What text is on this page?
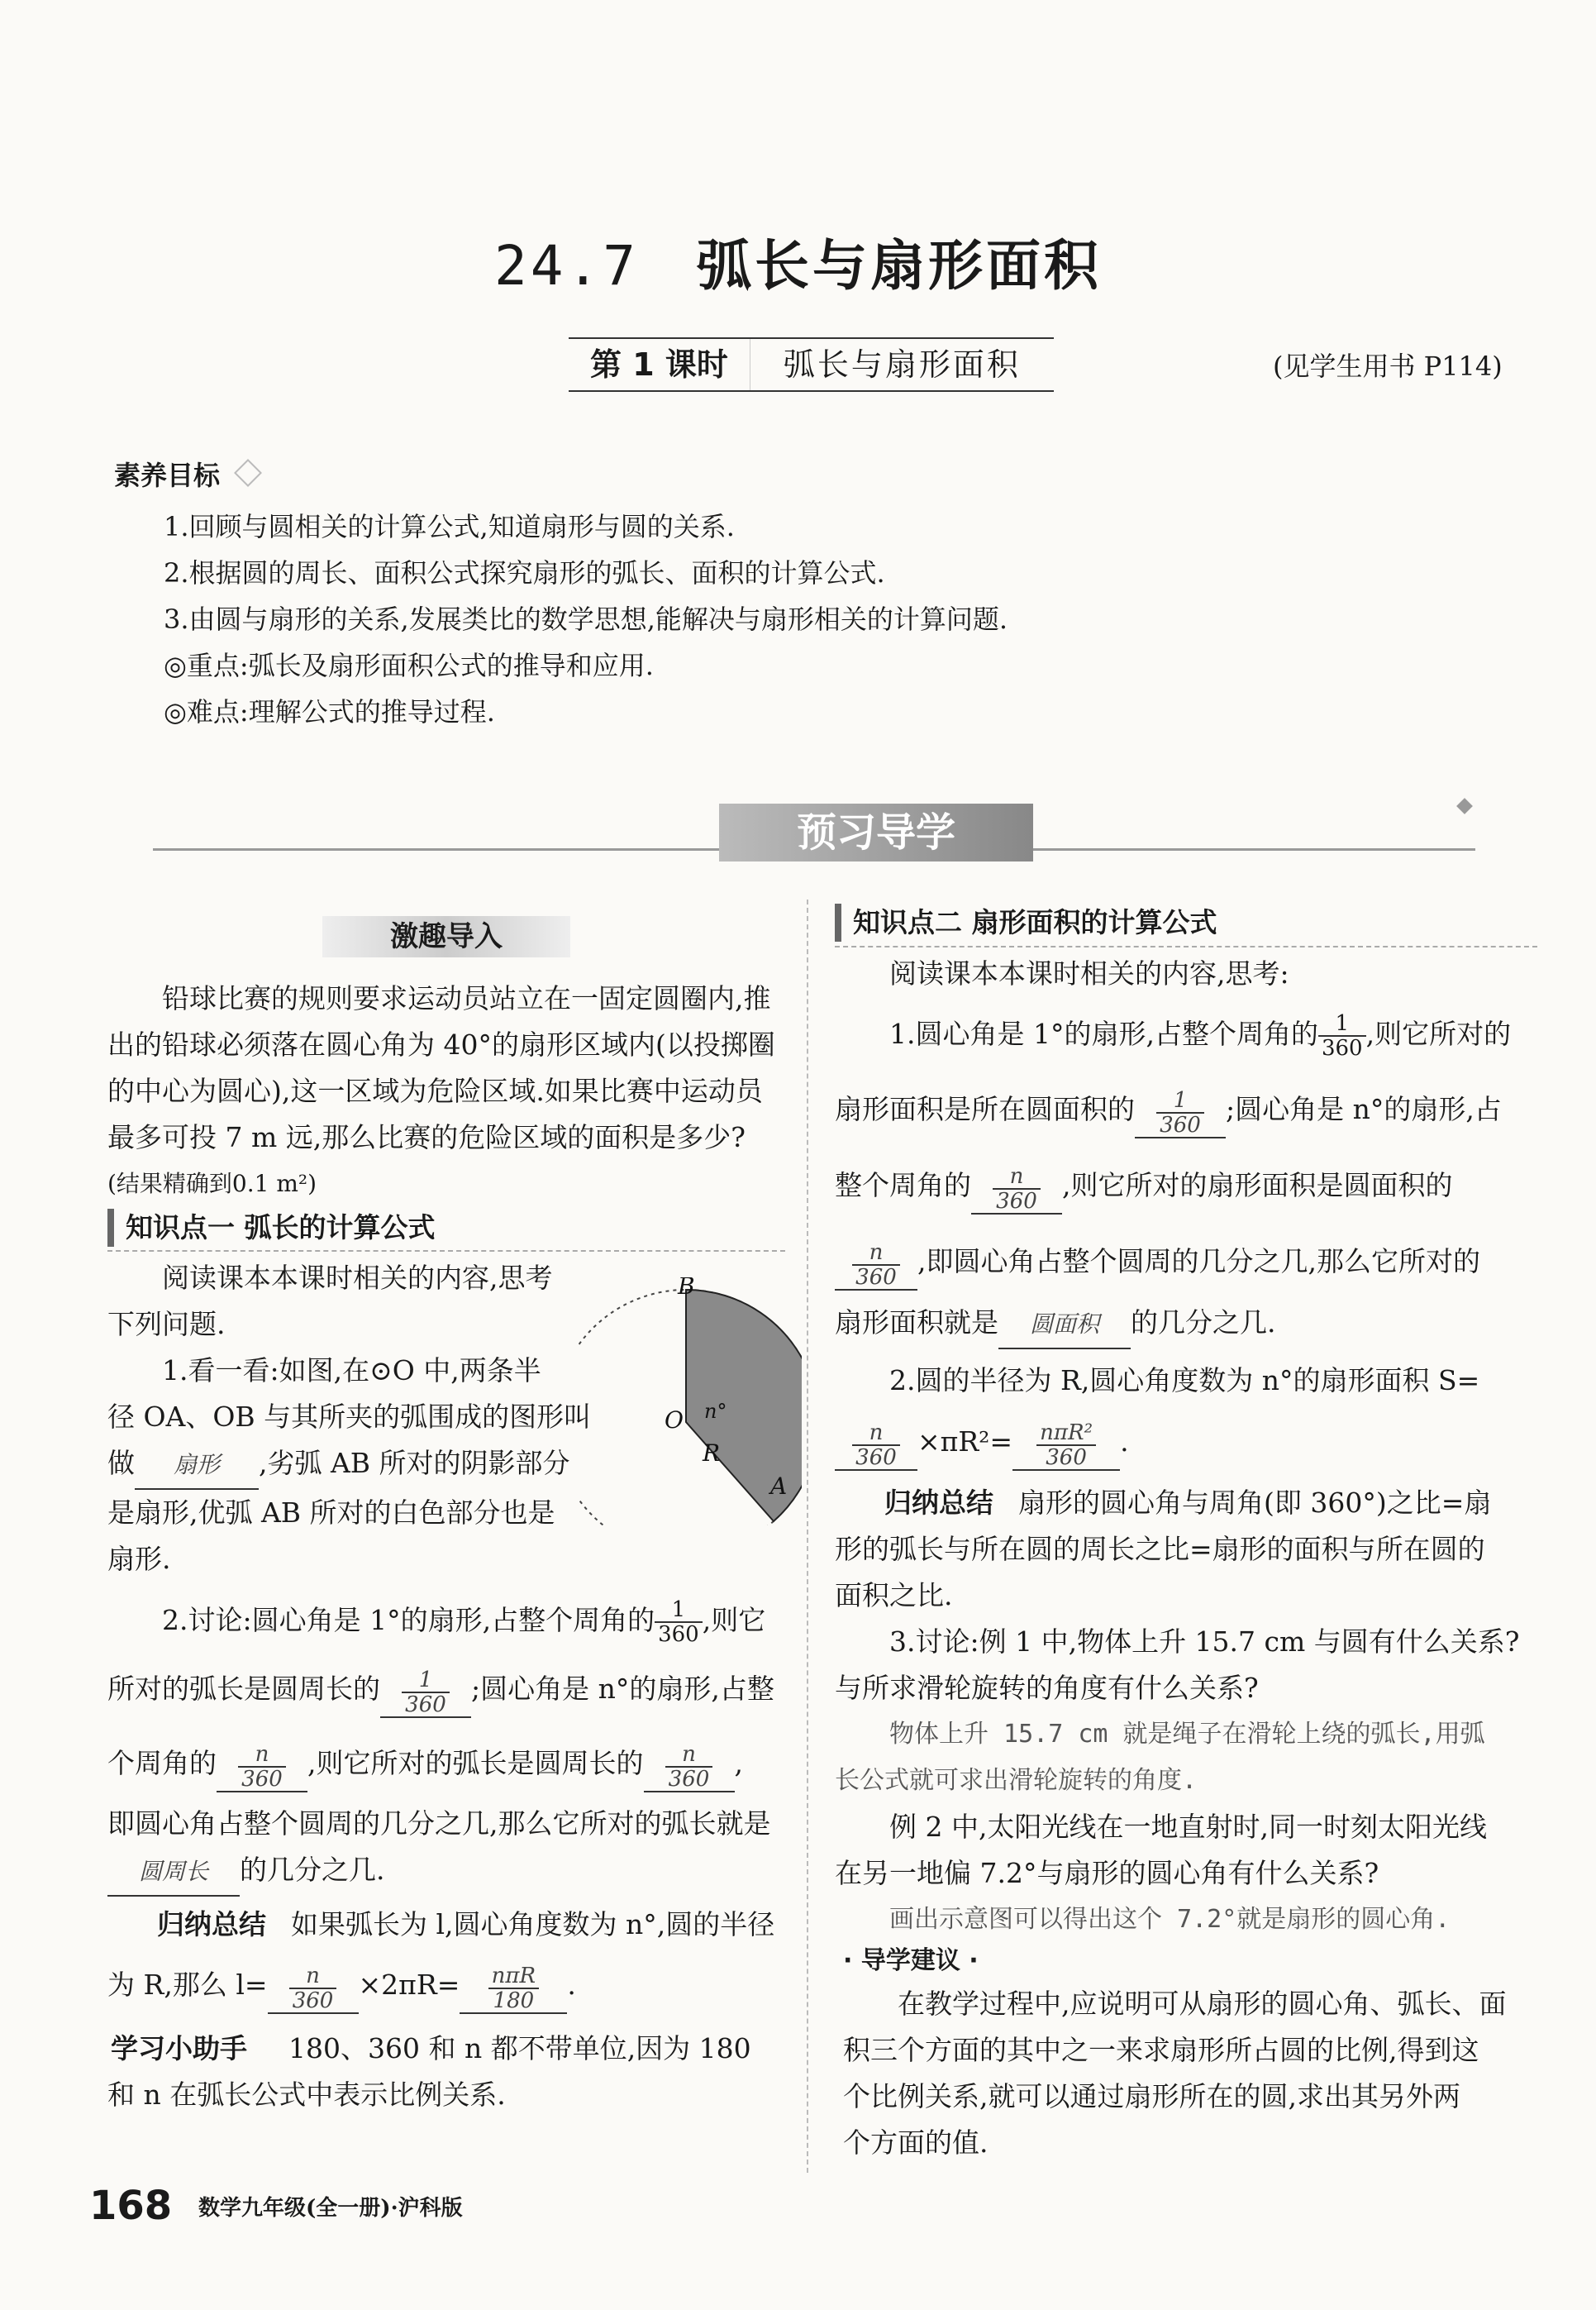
24.7 弧长与扇形面积
第 1 课时	弧长与扇形面积	(见学生用书 P114)
素养目标
1.回顾与圆相关的计算公式,知道扇形与圆的关系.
2.根据圆的周长、面积公式探究扇形的弧长、面积的计算公式.
3.由圆与扇形的关系,发展类比的数学思想,能解决与扇形相关的计算问题.
◎重点:弧长及扇形面积公式的推导和应用.
◎难点:理解公式的推导过程.
预习导学
激趣导入
铅球比赛的规则要求运动员站立在一固定圆圈内,推
出的铅球必须落在圆心角为 40°的扇形区域内(以投掷圈
的中心为圆心),这一区域为危险区域.如果比赛中运动员
最多可投 7 m 远,那么比赛的危险区域的面积是多少?
(结果精确到0.1 m²)
知识点一 弧长的计算公式
阅读课本本课时相关的内容,思考
下列问题.
1.看一看:如图,在⊙O 中,两条半
径 OA、OB 与其所夹的弧围成的图形叫
做 扇形 ,劣弧 AB 所对的阴影部分
是扇形,优弧 AB 所对的白色部分也是
扇形.
B
O n°
R
A
2.讨论:圆心角是 1°的扇形,占整个周角的 $\frac{1}{360}$ ,则它
所对的弧长是圆周长的 $\frac{1}{360}$ ;圆心角是 n°的扇形,占整
个周角的 $\frac{n}{360}$ ,则它所对的弧长是圆周长的 $\frac{n}{360}$ ,
即圆心角占整个圆周的几分之几,那么它所对的弧长就是
圆周长 的几分之几.
归纳总结 如果弧长为 l,圆心角度数为 n°,圆的半径
为 R,那么 $l= \frac{n}{360} \times 2\pi R= \frac{\text{nπR}}{180}$ .
学习小助手 180、360 和 n 都不带单位,因为 180
和 n 在弧长公式中表示比例关系.
知识点二 扇形面积的计算公式
阅读课本本课时相关的内容,思考:
1.圆心角是 1°的扇形,占整个周角的 $\frac{1}{360}$ ,则它所对的
扇形面积是所在圆面积的 $\frac{1}{360}$ ;圆心角是 n°的扇形,占
整个周角的 $\frac{n}{360}$ ,则它所对的扇形面积是圆面积的
$\frac{n}{360}$ ,即圆心角占整个圆周的几分之几,那么它所对的
扇形面积就是 圆面积 的几分之几.
2.圆的半径为 R,圆心角度数为 n°的扇形面积 S=
$\frac{n}{360} \times\pi R^2= \frac{\text{nπR²}}{360}$ .
归纳总结 扇形的圆心角与周角(即 360°)之比=扇
形的弧长与所在圆的周长之比=扇形的面积与所在圆的
面积之比.
3.讨论:例 1 中,物体上升 15.7 cm 与圆有什么关系?
与所求滑轮旋转的角度有什么关系?
物体上升 15.7 cm 就是绳子在滑轮上绕的弧长,用弧
长公式就可求出滑轮旋转的角度.
例 2 中,太阳光线在一地直射时,同一时刻太阳光线
在另一地偏 7.2°与扇形的圆心角有什么关系?
画出示意图可以得出这个 7.2°就是扇形的圆心角.
· 导学建议 ·
在教学过程中,应说明可从扇形的圆心角、弧长、面
积三个方面的其中之一来求扇形所占圆的比例,得到这
个比例关系,就可以通过扇形所在的圆,求出其另外两
个方面的值.
168 数学九年级(全一册)·沪科版
